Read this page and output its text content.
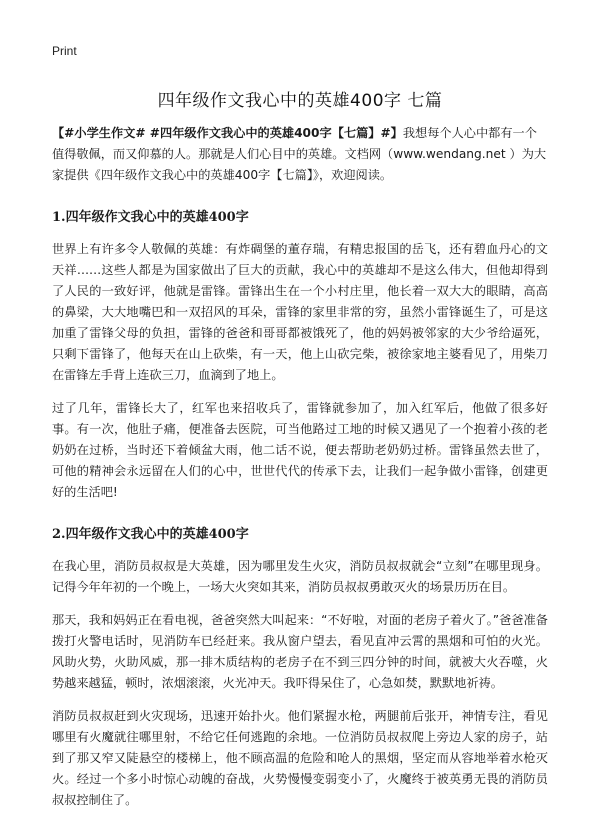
Print
四年级作文我心中的英雄400字 七篇

【#小学生作文# #四年级作文我心中的英雄400字【七篇】#】我想每个人心中都有一个值得敬佩，而又仰慕的人。那就是人们心目中的英雄。文档网（www.wendang.net ）为大家提供《四年级作文我心中的英雄400字【七篇】》，欢迎阅读。

1.四年级作文我心中的英雄400字

世界上有许多令人敬佩的英雄：有炸碉堡的董存瑞，有精忠报国的岳飞，还有碧血丹心的文天祥……这些人都是为国家做出了巨大的贡献，我心中的英雄却不是这么伟大，但他却得到了人民的一致好评，他就是雷锋。雷锋出生在一个小村庄里，他长着一双大大的眼睛，高高的鼻梁，大大地嘴巴和一双招风的耳朵，雷锋的家里非常的穷，虽然小雷锋诞生了，可是这加重了雷锋父母的负担，雷锋的爸爸和哥哥都被饿死了，他的妈妈被邻家的大少爷给逼死，只剩下雷锋了，他每天在山上砍柴，有一天，他上山砍完柴，被徐家地主婆看见了，用柴刀在雷锋左手背上连砍三刀，血滴到了地上。

过了几年，雷锋长大了，红军也来招收兵了，雷锋就参加了，加入红军后，他做了很多好事。有一次，他肚子痛，便准备去医院，可当他路过工地的时候又遇见了一个抱着小孩的老奶奶在过桥，当时还下着倾盆大雨，他二话不说，便去帮助老奶奶过桥。雷锋虽然去世了，可他的精神会永远留在人们的心中，世世代代的传承下去，让我们一起争做小雷锋，创建更好的生活吧!

2.四年级作文我心中的英雄400字

在我心里，消防员叔叔是大英雄，因为哪里发生火灾，消防员叔叔就会“立刻”在哪里现身。记得今年年初的一个晚上，一场大火突如其来，消防员叔叔勇敢灭火的场景历历在目。

那天，我和妈妈正在看电视，爸爸突然大叫起来：“不好啦，对面的老房子着火了。”爸爸准备拨打火警电话时，见消防车已经赶来。我从窗户望去，看见直冲云霄的黑烟和可怕的火光。风助火势，火助风威，那一排木质结构的老房子在不到三四分钟的时间，就被大火吞噬，火势越来越猛，顿时，浓烟滚滚，火光冲天。我吓得呆住了，心急如焚，默默地祈祷。

消防员叔叔赶到火灾现场，迅速开始扑火。他们紧握水枪，两腿前后张开，神情专注，看见哪里有火魔就往哪里射，不给它任何逃跑的余地。一位消防员叔叔爬上旁边人家的房子，站到了那又窄又陡悬空的楼梯上，他不顾高温的危险和呛人的黑烟，坚定而从容地举着水枪灭火。经过一个多小时惊心动魄的奋战，火势慢慢变弱变小了，火魔终于被英勇无畏的消防员叔叔控制住了。
